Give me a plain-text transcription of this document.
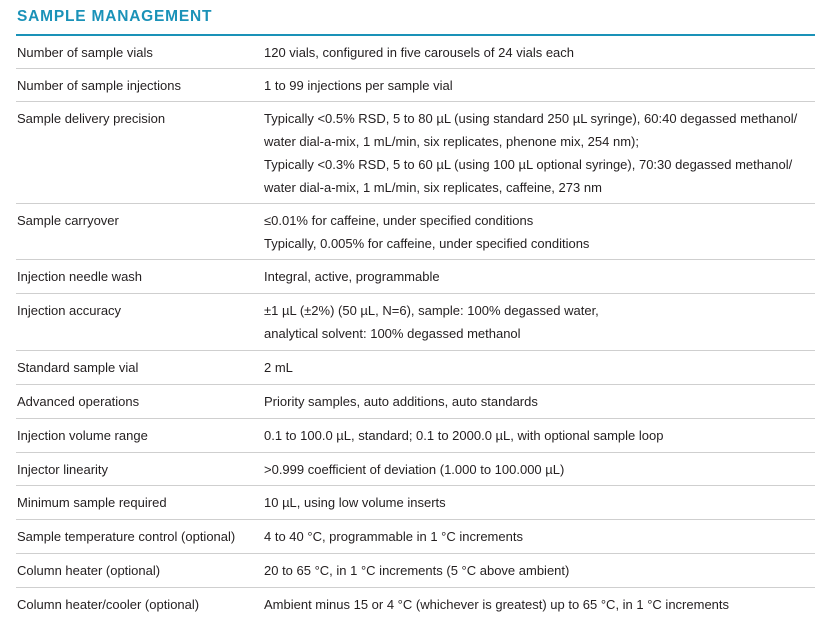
SAMPLE MANAGEMENT
Number of sample vials	120 vials, configured in five carousels of 24 vials each
Number of sample injections	1 to 99 injections per sample vial
Sample delivery precision	Typically <0.5% RSD, 5 to 80 µL (using standard 250 µL syringe), 60:40 degassed methanol/
water dial-a-mix, 1 mL/min, six replicates, phenone mix, 254 nm);
Typically <0.3% RSD, 5 to 60 µL (using 100 µL optional syringe), 70:30 degassed methanol/
water dial-a-mix, 1 mL/min, six replicates, caffeine, 273 nm
Sample carryover	≤0.01% for caffeine, under specified conditions
Typically, 0.005% for caffeine, under specified conditions
Injection needle wash	Integral, active, programmable
Injection accuracy	±1 µL (±2%) (50 µL, N=6), sample: 100% degassed water,
analytical solvent: 100% degassed methanol
Standard sample vial	2 mL
Advanced operations	Priority samples, auto additions, auto standards
Injection volume range	0.1 to 100.0 µL, standard; 0.1 to 2000.0 µL, with optional sample loop
Injector linearity	>0.999 coefficient of deviation (1.000 to 100.000 µL)
Minimum sample required	10 µL, using low volume inserts
Sample temperature control (optional) 4 to 40 °C, programmable in 1 °C increments
Column heater (optional)	20 to 65 °C, in 1 °C increments (5 °C above ambient)
Column heater/cooler (optional)	Ambient minus 15 or 4 °C (whichever is greatest) up to 65 °C, in 1 °C increments
